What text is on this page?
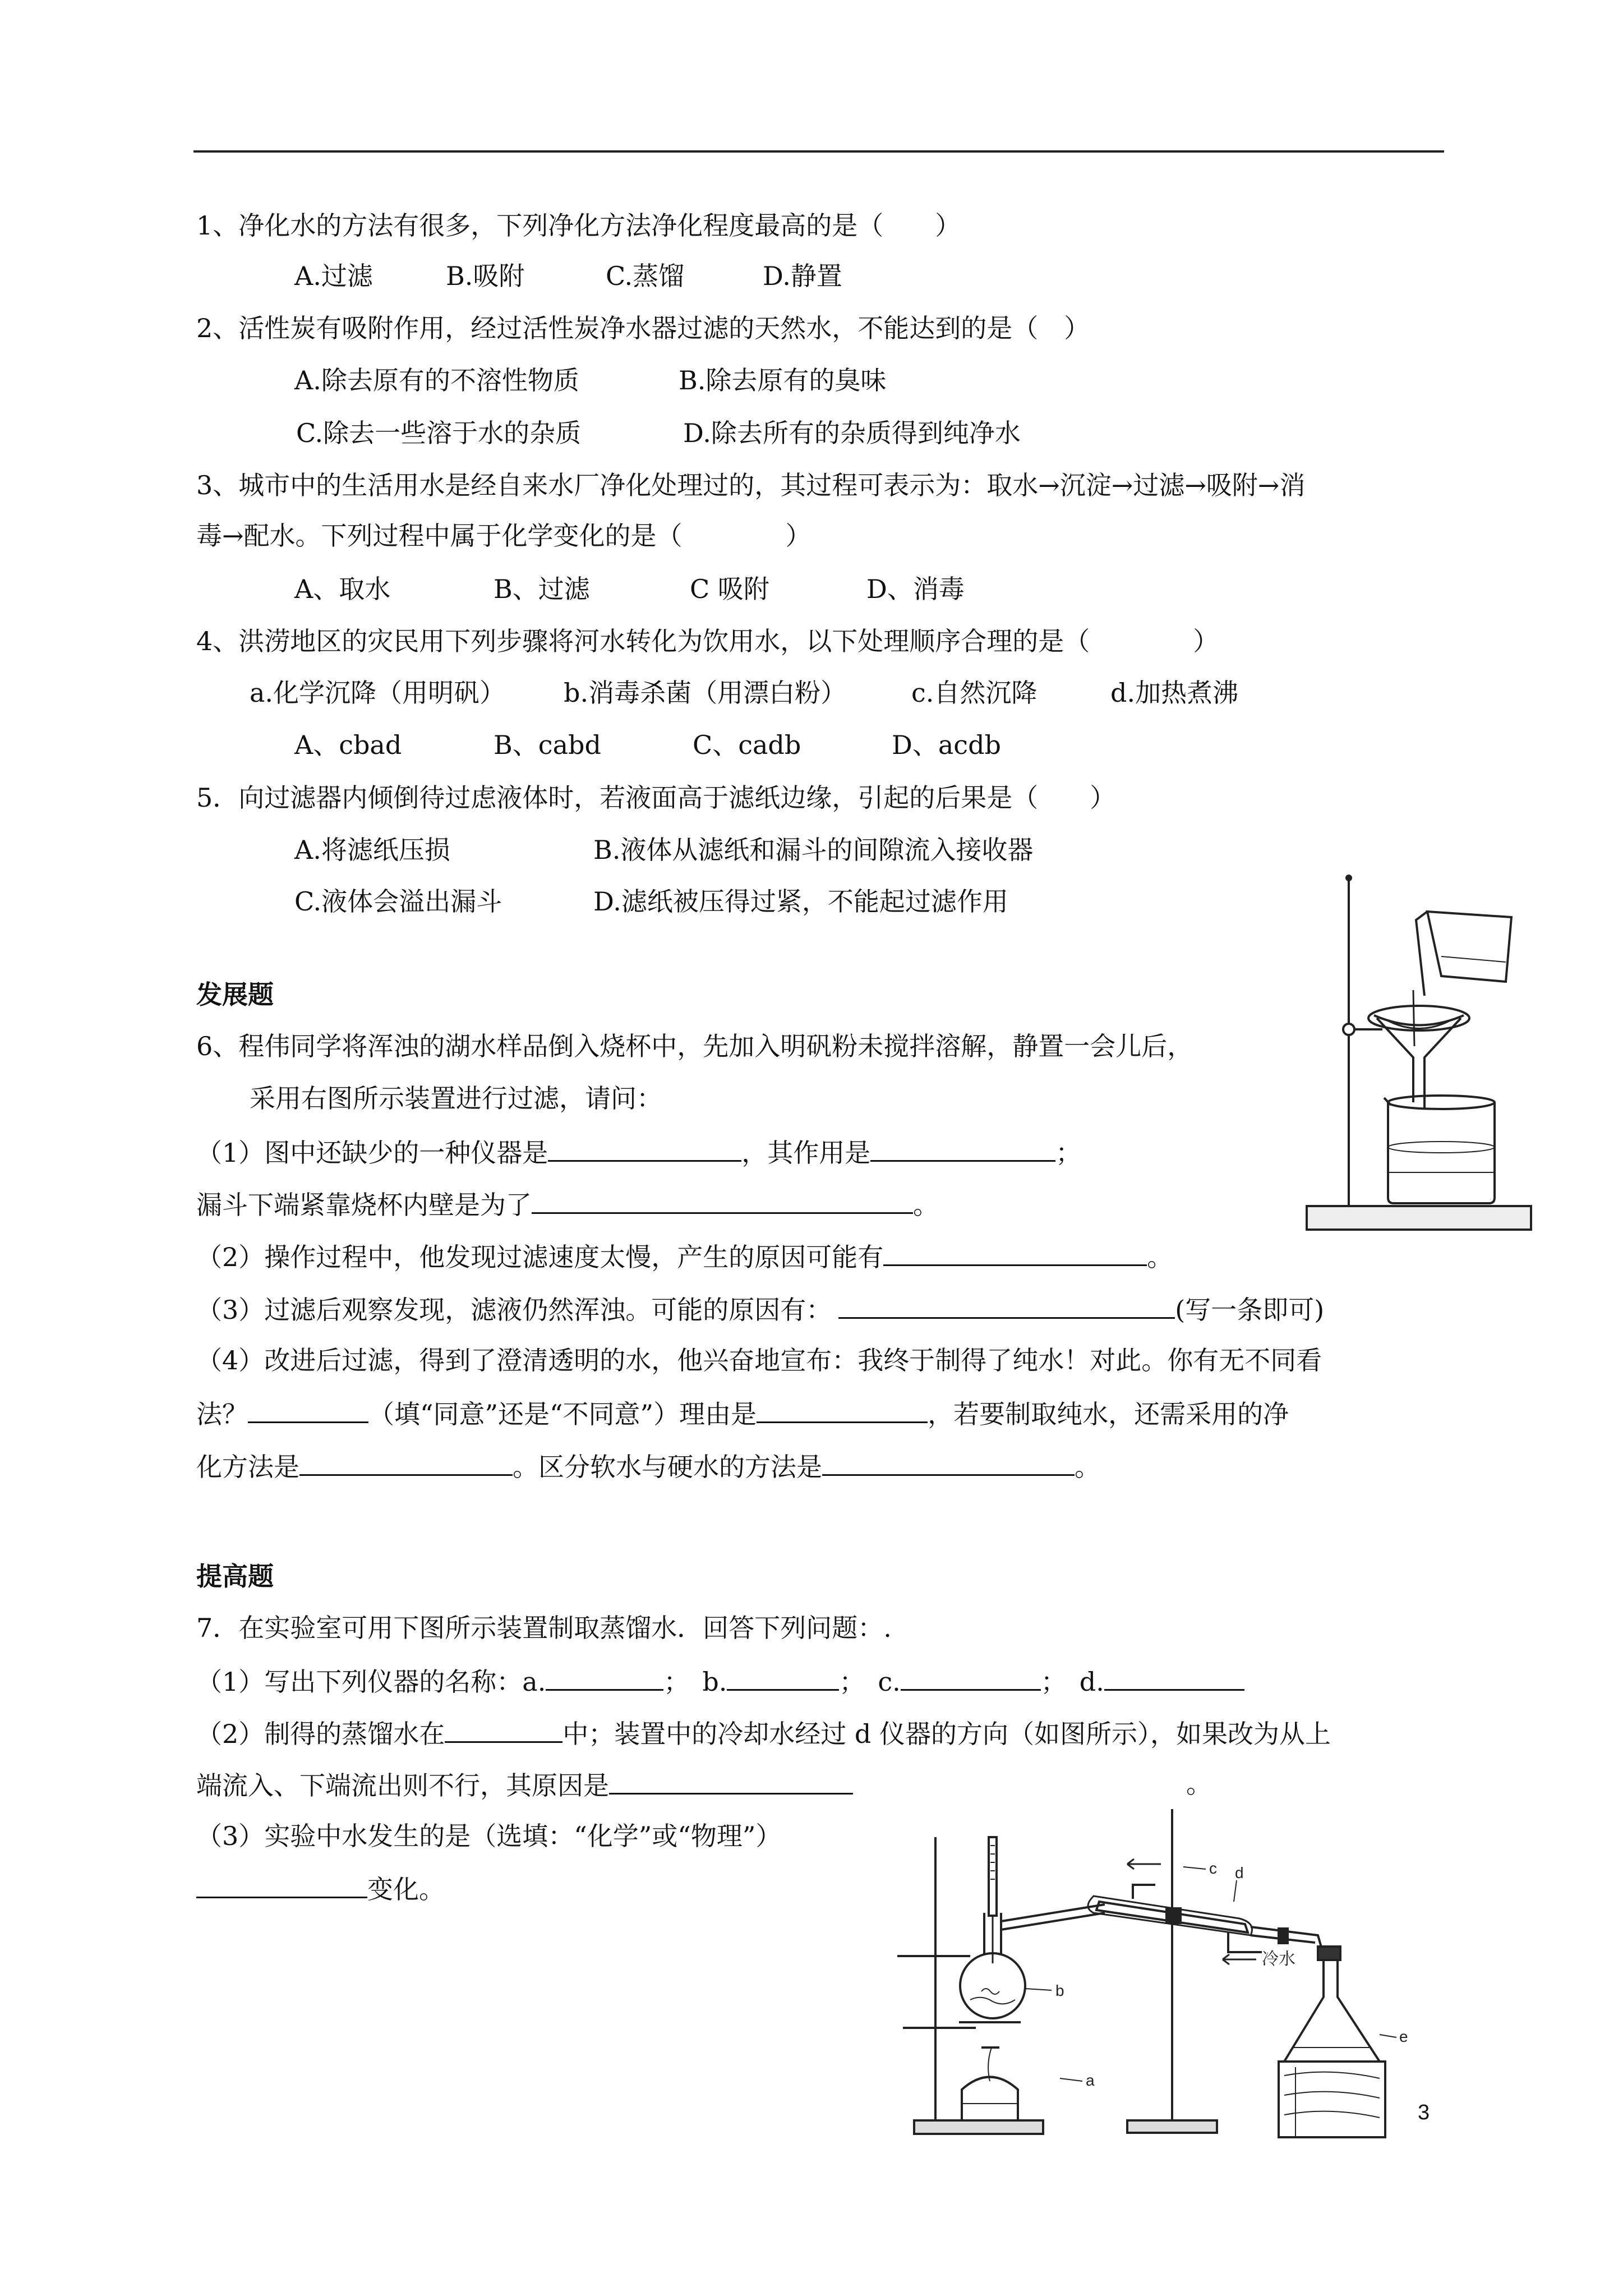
1、净化水的方法有很多，下列净化方法净化程度最高的是（　　）
A.过滤	B.吸附	C.蒸馏	D.静置
2、活性炭有吸附作用，经过活性炭净水器过滤的天然水，不能达到的是（　）
A.除去原有的不溶性物质	B.除去原有的臭味
C.除去一些溶于水的杂质	D.除去所有的杂质得到纯净水
3、城市中的生活用水是经自来水厂净化处理过的，其过程可表示为：取水→沉淀→过滤→吸附→消
毒→配水。下列过程中属于化学变化的是（　　　　）
A、取水	B、过滤	C 吸附	D、消毒
4、洪涝地区的灾民用下列步骤将河水转化为饮用水，以下处理顺序合理的是（　　　　）
a.化学沉降（用明矾） b.消毒杀菌（用漂白粉）	c.自然沉降	d.加热煮沸
A、cbad	B、cabd	C、cadb	D、acdb
5．向过滤器内倾倒待过虑液体时，若液面高于滤纸边缘，引起的后果是（　　）
A.将滤纸压损	B.液体从滤纸和漏斗的间隙流入接收器
C.液体会溢出漏斗	D.滤纸被压得过紧，不能起过滤作用
发展题
6、程伟同学将浑浊的湖水样品倒入烧杯中，先加入明矾粉未搅拌溶解，静置一会儿后，
采用右图所示装置进行过滤，请问：
（1）图中还缺少的一种仪器是	，其作用是	；
漏斗下端紧靠烧杯内壁是为了	。
（2）操作过程中，他发现过滤速度太慢，产生的原因可能有	。
（3）过滤后观察发现，滤液仍然浑浊。可能的原因有：	(写一条即可)
（4）改进后过滤，得到了澄清透明的水，他兴奋地宣布：我终于制得了纯水！对此。你有无不同看
法？	（填“同意”还是“不同意”）理由是	，若要制取纯水，还需采用的净
化方法是	。区分软水与硬水的方法是	。
提高题
7．在实验室可用下图所示装置制取蒸馏水．回答下列问题：.
（1）写出下列仪器的名称：a.	；　b.	；　c.	；　d.
（2）制得的蒸馏水在	中；装置中的冷却水经过 d 仪器的方向（如图所示），如果改为从上
端流入、下端流出则不行，其原因是	。
（3）实验中水发生的是（选填：“化学”或“物理”）
变化。
a
b
c d
e
冷水
3
